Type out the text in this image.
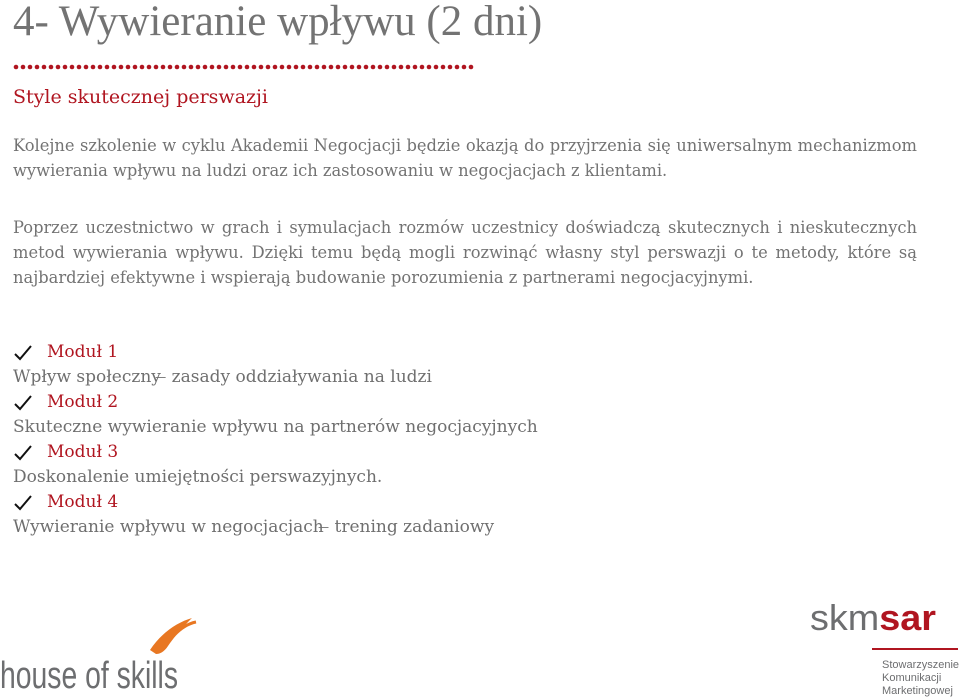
4- Wywieranie wpływu (2 dni)
Style skutecznej perswazji

Kolejne szkolenie w cyklu Akademii Negocjacji będzie okazją do przyjrzenia się uniwersalnym mechanizmom wywierania wpływu na ludzi oraz ich zastosowaniu w negocjacjach z klientami.

Poprzez uczestnictwo w grach i symulacjach rozmów uczestnicy doświadczą skutecznych i nieskutecznych metod wywierania wpływu. Dzięki temu będą mogli rozwinąć własny styl perswazji o te metody, które są najbardziej efektywne i wspierają budowanie porozumienia z partnerami negocjacyjnymi.

Moduł 1
Wpływ społeczny ̶ zasady oddziaływania na ludzi
Moduł 2
Skuteczne wywieranie wpływu na partnerów negocjacyjnych
Moduł 3
Doskonalenie umiejętności perswazyjnych.
Moduł 4
Wywieranie wpływu w negocjacjach ̶ trening zadaniowy
house of skills
skmsar
Stowarzyszenie
Komunikacji
Marketingowej
